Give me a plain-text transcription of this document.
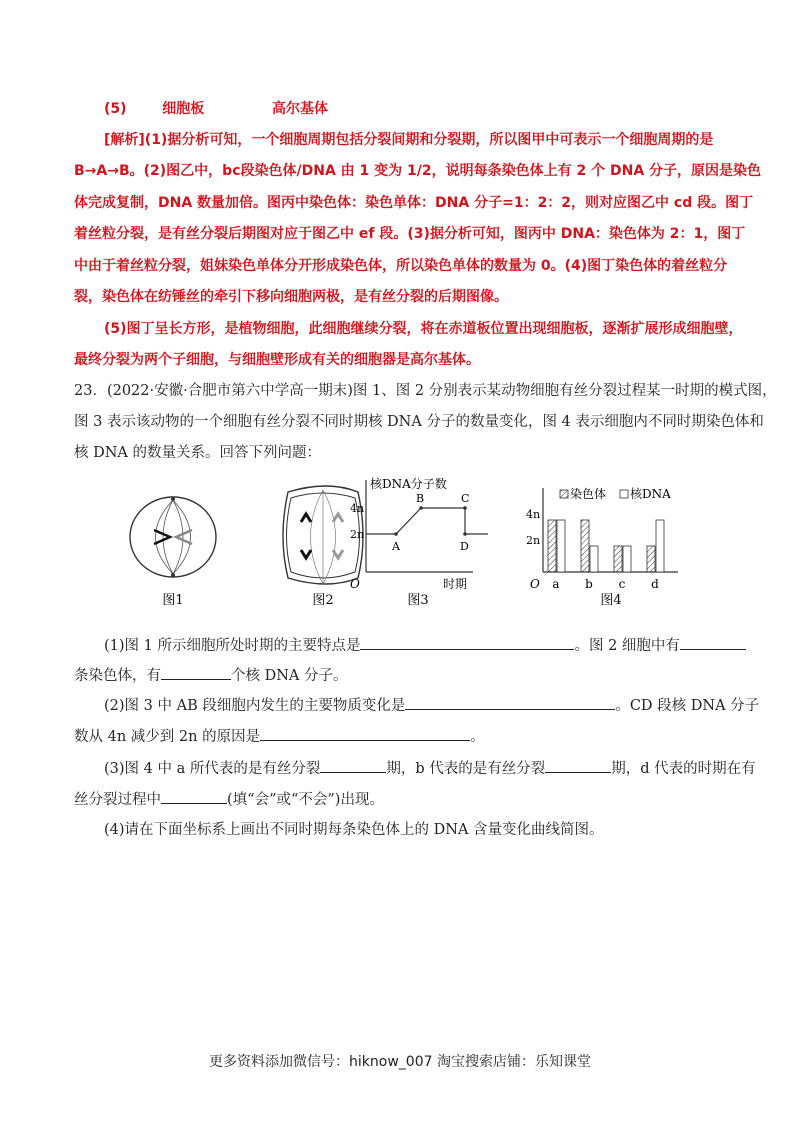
(5)	细胞板	高尔基体
[解析](1)据分析可知，一个细胞周期包括分裂间期和分裂期，所以图甲中可表示一个细胞周期的是
B→A→B。(2)图乙中，bc段染色体/DNA 由 1 变为 1/2，说明每条染色体上有 2 个 DNA 分子，原因是染色
体完成复制，DNA 数量加倍。图丙中染色体：染色单体：DNA 分子=1：2：2，则对应图乙中 cd 段。图丁
着丝粒分裂，是有丝分裂后期图对应于图乙中 ef 段。(3)据分析可知，图丙中 DNA：染色体为 2：1，图丁
中由于着丝粒分裂，姐妹染色单体分开形成染色体，所以染色单体的数量为 0。(4)图丁染色体的着丝粒分
裂，染色体在纺锤丝的牵引下移向细胞两极，是有丝分裂的后期图像。
(5)图丁呈长方形，是植物细胞，此细胞继续分裂，将在赤道板位置出现细胞板，逐渐扩展形成细胞壁，
最终分裂为两个子细胞，与细胞壁形成有关的细胞器是高尔基体。
23．(2022·安徽·合肥市第六中学高一期末)图 1、图 2 分别表示某动物细胞有丝分裂过程某一时期的模式图，
图 3 表示该动物的一个细胞有丝分裂不同时期核 DNA 分子的数量变化，图 4 表示细胞内不同时期染色体和
核 DNA 的数量关系。回答下列问题：
图1	图2
核DNA分子数
时期
O
4n
2n
A
B	C
D
图3
染色体 核DNA
4n
2n
O a b c d
图4
(1)图 1 所示细胞所处时期的主要特点是	。图 2 细胞中有
条染色体，有	个核 DNA 分子。
(2)图 3 中 AB 段细胞内发生的主要物质变化是	。CD 段核 DNA 分子
数从 4n 减少到 2n 的原因是	。
(3)图 4 中 a 所代表的是有丝分裂	期，b 代表的是有丝分裂	期，d 代表的时期在有
丝分裂过程中	(填“会”或“不会”)出现。
(4)请在下面坐标系上画出不同时期每条染色体上的 DNA 含量变化曲线简图。
更多资料添加微信号：hiknow_007 淘宝搜索店铺：乐知课堂
